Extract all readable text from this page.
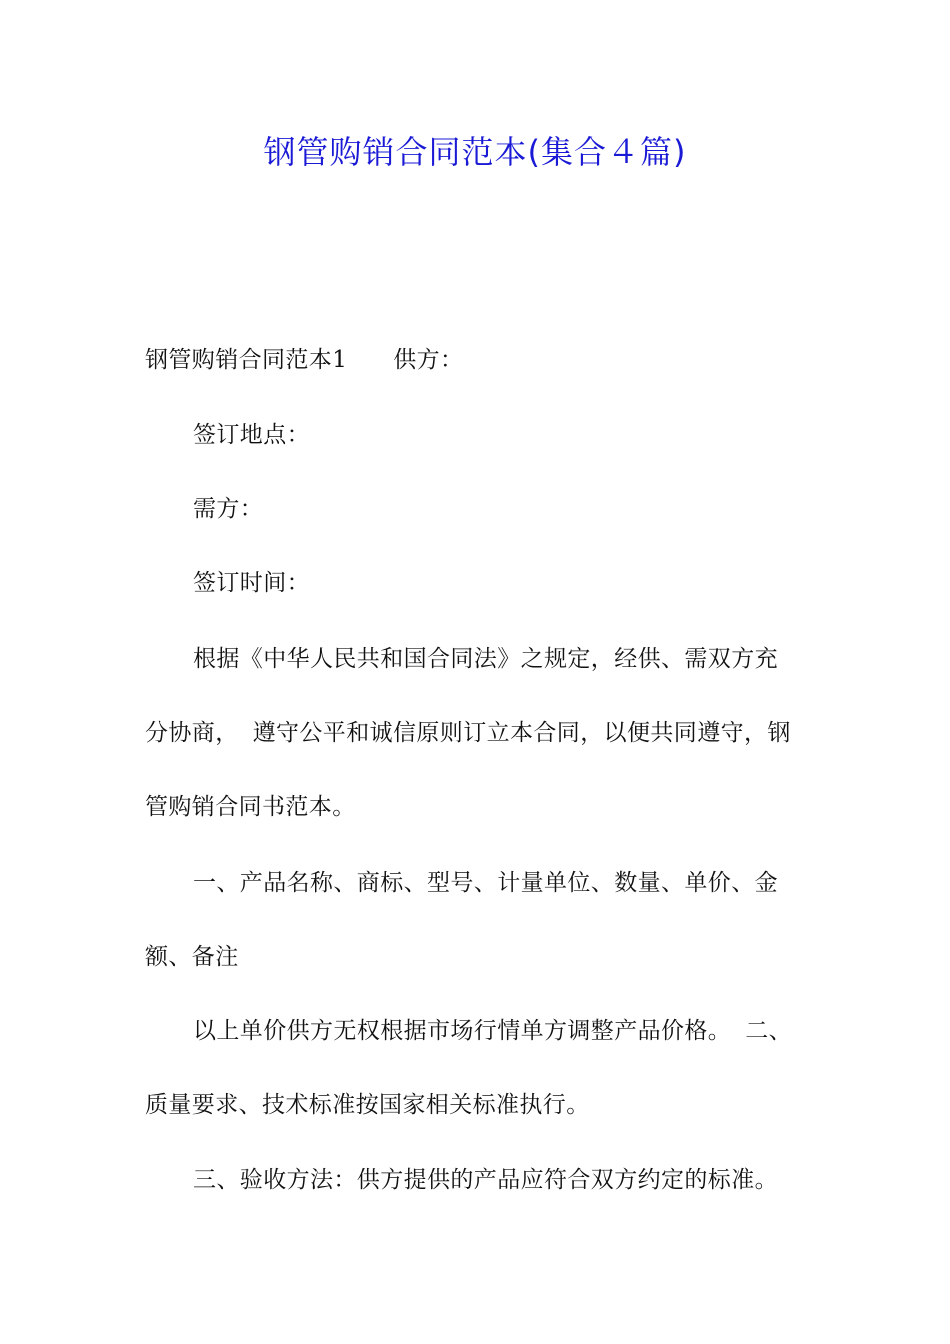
钢管购销合同范本(集合４篇)

钢管购销合同范本1 供方：

签订地点：

需方：

签订时间：

根据《中华人民共和国合同法》之规定，经供、需双方充

分协商， 遵守公平和诚信原则订立本合同，以便共同遵守，钢

管购销合同书范本。

一、产品名称、商标、型号、计量单位、数量、单价、金

额、备注

以上单价供方无权根据市场行情单方调整产品价格。 二、

质量要求、技术标准按国家相关标准执行。

三、验收方法：供方提供的产品应符合双方约定的标准。
